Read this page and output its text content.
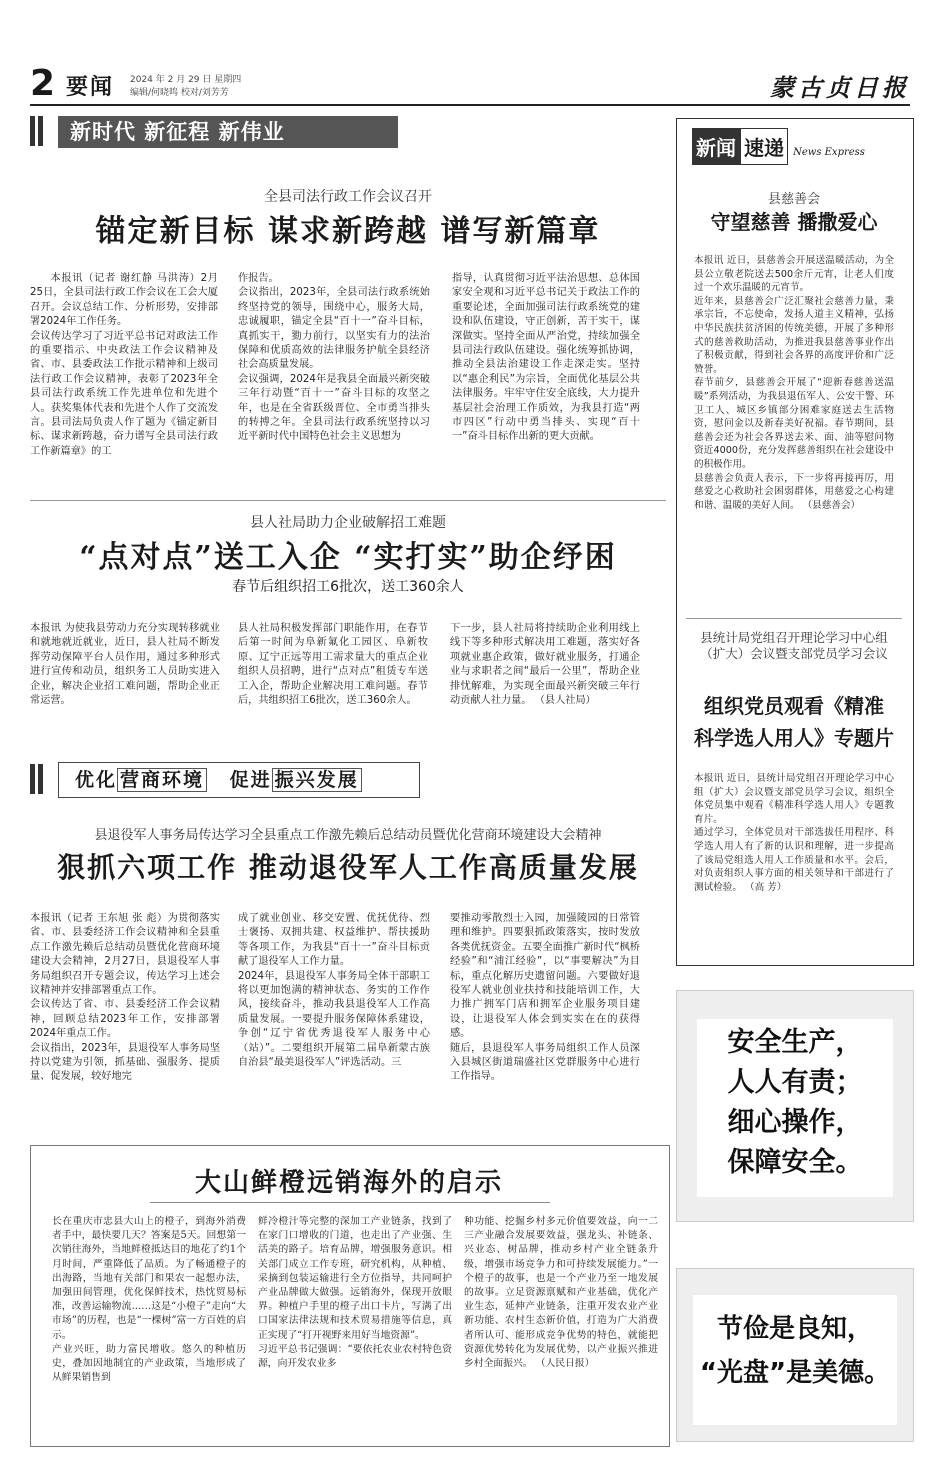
2 要闻 2024 年 2 月 29 日 星期四
编辑/何晓鸣 校对/刘芳芳	蒙古贞日报
新时代 新征程 新伟业
全县司法行政工作会议召开
锚定新目标 谋求新跨越 谱写新篇章
本报讯（记者 谢红静 马洪涛）2月25日，全县司法行政工作会议在工会大厦召开。会议总结工作、分析形势，安排部署2024年工作任务。
会议传达学习了习近平总书记对政法工作的重要指示、中央政法工作会议精神及省、市、县委政法工作批示精神和上级司法行政工作会议精神，表彰了2023年全县司法行政系统工作先进单位和先进个人。获奖集体代表和先进个人作了交流发言。县司法局负责人作了题为《锚定新目标、谋求新跨越，奋力谱写全县司法行政工作新篇章》的工
作报告。
会议指出，2023年，全县司法行政系统始终坚持党的领导，围绕中心，服务大局，忠诚履职，锚定全县“百十一”奋斗目标，真抓实干，勠力前行，以坚实有力的法治保障和优质高效的法律服务护航全县经济社会高质量发展。
会议强调，2024年是我县全面最兴新突破三年行动暨“百十一”奋斗目标的攻坚之年，也是在全省跃级晋位、全市勇当排头的转搏之年。全县司法行政系统坚持以习近平新时代中国特色社会主义思想为
指导，认真贯彻习近平法治思想、总体国家安全观和习近平总书记关于政法工作的重要论述，全面加强司法行政系统党的建设和队伍建设，守正创新，苦干实干，谋深做实。坚持全面从严治党，持续加强全县司法行政队伍建设。强化统筹抓协调，推动全县法治建设工作走深走实。坚持以“惠企利民”为宗旨，全面优化基层公共法律服务。牢牢守住安全底线，大力提升基层社会治理工作质效，为我县打造“两市四区”行动中勇当排头、实现“百十一”奋斗目标作出新的更大贡献。
县人社局助力企业破解招工难题
“点对点”送工入企 “实打实”助企纾困
春节后组织招工6批次，送工360余人
本报讯 为使我县劳动力充分实现转移就业和就地就近就业，近日，县人社局不断发挥劳动保障平台人员作用，通过多种形式进行宣传和动员，组织务工人员助实进入企业，解决企业招工难问题，帮助企业正常运营。
县人社局积极发挥部门职能作用，在春节后第一时间为阜新氟化工园区、阜新牧原、辽宁正远等用工需求量大的重点企业组织人员招聘，进行“点对点”租赁专车送工入企，帮助企业解决用工难问题。春节后，共组织招工6批次，送工360余人。
下一步，县人社局将持续助企业利用线上线下等多种形式解决用工难题，落实好各项就业惠企政策，做好就业服务，打通企业与求职者之间“最后一公里”，帮助企业排忧解难，为实现全面最兴新突破三年行动贡献人社力量。 （县人社局）
优化 营商环境 促进 振兴发展
县退役军人事务局传达学习全县重点工作激先赖后总结动员暨优化营商环境建设大会精神
狠抓六项工作 推动退役军人工作高质量发展
本报讯（记者 王东旭 张 彪）为贯彻落实省、市、县委经济工作会议精神和全县重点工作激先赖后总结动员暨优化营商环境建设大会精神，2月27日，县退役军人事务局组织召开专题会议，传达学习上述会议精神并安排部署重点工作。
会议传达了省、市、县委经济工作会议精神，回顾总结2023年工作，安排部署2024年重点工作。
会议指出，2023年，县退役军人事务局坚持以党建为引领，抓基础、强服务、提质量、促发展，较好地完
成了就业创业、移交安置、优抚优待、烈士褒扬、双拥共建、权益维护、帮扶援助等各项工作，为我县“百十一”奋斗目标贡献了退役军人工作力量。
2024年，县退役军人事务局全体干部职工将以更加饱满的精神状态、务实的工作作风，接续奋斗，推动我县退役军人工作高质量发展。一要提升服务保障体系建设，争创“辽宁省优秀退役军人服务中心（站）”。二要组织开展第二届阜新蒙古族自治县“最美退役军人”评选活动。三
要推动零散烈士入园，加强陵园的日常管理和维护。四要狠抓政策落实，按时发放各类优抚资金。五要全面推广新时代“枫桥经验”和“浦江经验”，以“事要解决”为目标，重点化解历史遗留问题。六要做好退役军人就业创业扶持和技能培训工作，大力推广拥军门店和拥军企业服务项目建设，让退役军人体会到实实在在的获得感。
随后，县退役军人事务局组织工作人员深入县城区街道瑞盛社区党群服务中心进行工作指导。
新闻 速递 News Express
县慈善会
守望慈善 播撒爱心
本报讯 近日，县慈善会开展送温暖活动，为全县公立敬老院送去500余斤元宵，让老人们度过一个欢乐温暖的元宵节。
近年来，县慈善会广泛汇聚社会慈善力量，秉承宗旨，不忘使命，发扬人道主义精神，弘扬中华民族扶贫济困的传统美德，开展了多种形式的慈善救助活动，为推进我县慈善事业作出了积极贡献，得到社会各界的高度评价和广泛赞誉。
春节前夕，县慈善会开展了“迎新春慈善送温暖”系列活动，为我县退伍军人、公安干警、环卫工人、城区乡镇部分困难家庭送去生活物资，慰问金以及新春美好祝福。春节期间，县慈善会还为社会各界送去米、面、油等慰问物资近4000份，充分发挥慈善组织在社会建设中的积极作用。
县慈善会负责人表示，下一步将再接再厉，用慈爱之心救助社会困弱群体，用慈爱之心构建和谐、温暖的美好人间。 （县慈善会）
县统计局党组召开理论学习中心组（扩大）会议暨支部党员学习会议
组织党员观看《精准
科学选人用人》专题片
本报讯 近日，县统计局党组召开理论学习中心组（扩大）会议暨支部党员学习会议，组织全体党员集中观看《精准科学选人用人》专题教育片。
通过学习，全体党员对干部选拔任用程序、科学选人用人有了新的认识和理解，进一步提高了该局党组选人用人工作质量和水平。会后，对负责组织人事方面的相关领导和干部进行了测试检验。 （高 芳）
安全生产，
人人有责；
细心操作，
保障安全。
节俭是良知，
“光盘”是美德。
大山鲜橙远销海外的启示
长在重庆市忠县大山上的橙子，到海外消费者手中，最快要几天？答案是5天。回想第一次销往海外，当地鲜橙抵达目的地花了约1个月时间，严重降低了品质。为了畅通橙子的出海路，当地有关部门和果农一起想办法，加强田间管理，优化保鲜技术，热忱贸易标准，改善运输物流……这是“小橙子”走向“大市场”的历程，也是“一棵树”富一方百姓的启示。
产业兴旺，助力富民增收。悠久的种植历史，叠加因地制宜的产业政策，当地形成了从鲜果销售到
鲜冷橙汁等完整的深加工产业链条，找到了在家门口增收的门道，也走出了产业强、生活美的路子。培育品牌，增强服务意识。相关部门成立工作专班，研究机构，从种植、采摘到包装运输进行全方位指导，共同呵护产业品牌做大做强。远销海外，保现开放眼界。种植户手里的橙子出口卡片，写满了出口国家法律法规和技术贸易措施等信息，真正实现了“打开视野来用好当地资源”。
习近平总书记强调：“要依托农业农村特色资源，向开发农业多
种功能、挖掘乡村多元价值要效益，向一二三产业融合发展要效益，强龙头、补链条、兴业态、树品牌，推动乡村产业全链条升级，增强市场竞争力和可持续发展能力。”一个橙子的故事，也是一个产业乃至一地发展的故事。立足资源禀赋和产业基础，优化产业生态，延伸产业链条，注重开发农业产业新功能、农村生态新价值，打造为广大消费者所认可、能形成竞争优势的特色，就能把资源优势转化为发展优势，以产业振兴推进乡村全面振兴。 （人民日报）
